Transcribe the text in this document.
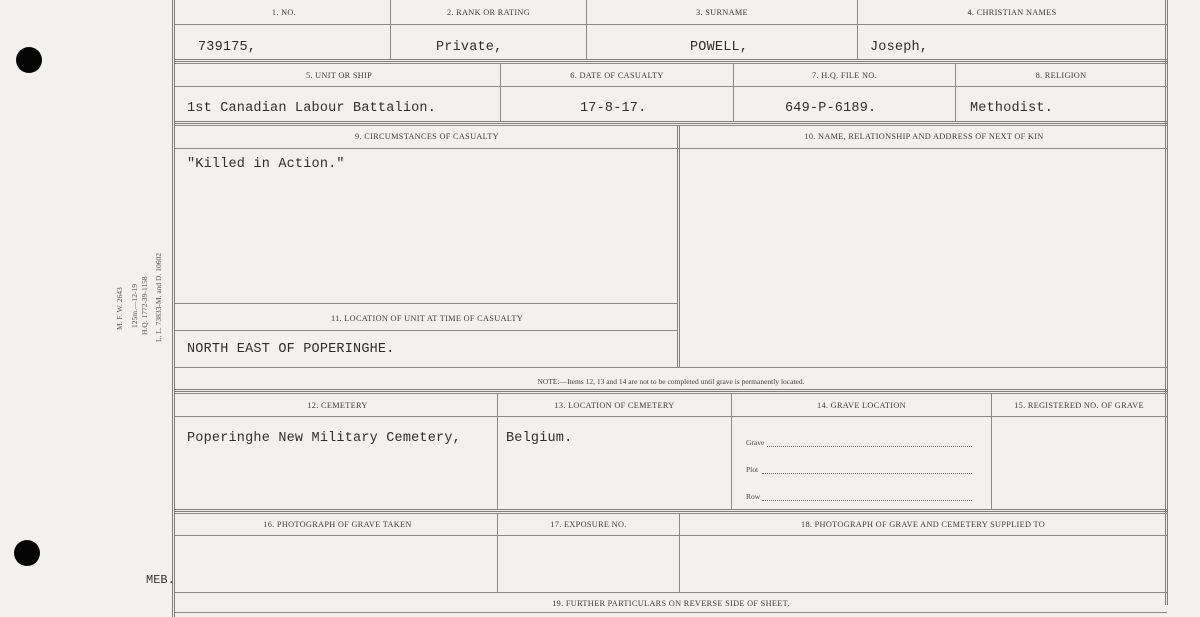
M. F. W. 2643 125m.—12-19 H.Q. 1772-39-1158 L. L. 73833-M. and D. 10602
1. NO.	2. RANK OR RATING	3. SURNAME	4. CHRISTIAN NAMES
739175,	Private,	POWELL,	Joseph,
5. UNIT OR SHIP	6. DATE OF CASUALTY	7. H.Q. FILE NO.	8. RELIGION
1st Canadian Labour Battalion.	17-8-17.	649-P-6189.	Methodist.
9. CIRCUMSTANCES OF CASUALTY	10. NAME, RELATIONSHIP AND ADDRESS OF NEXT OF KIN
"Killed in Action."
11. LOCATION OF UNIT AT TIME OF CASUALTY
NORTH EAST OF POPERINGHE.
NOTE:—Items 12, 13 and 14 are not to be completed until grave is permanently located.
12. CEMETERY	13. LOCATION OF CEMETERY	14. GRAVE LOCATION	15. REGISTERED NO. OF GRAVE
Poperinghe New Military Cemetery,	Belgium.	Grave
Plot
Row
16. PHOTOGRAPH OF GRAVE TAKEN	17. EXPOSURE NO.	18. PHOTOGRAPH OF GRAVE AND CEMETERY SUPPLIED TO
MEB.
19. FURTHER PARTICULARS ON REVERSE SIDE OF SHEET.
